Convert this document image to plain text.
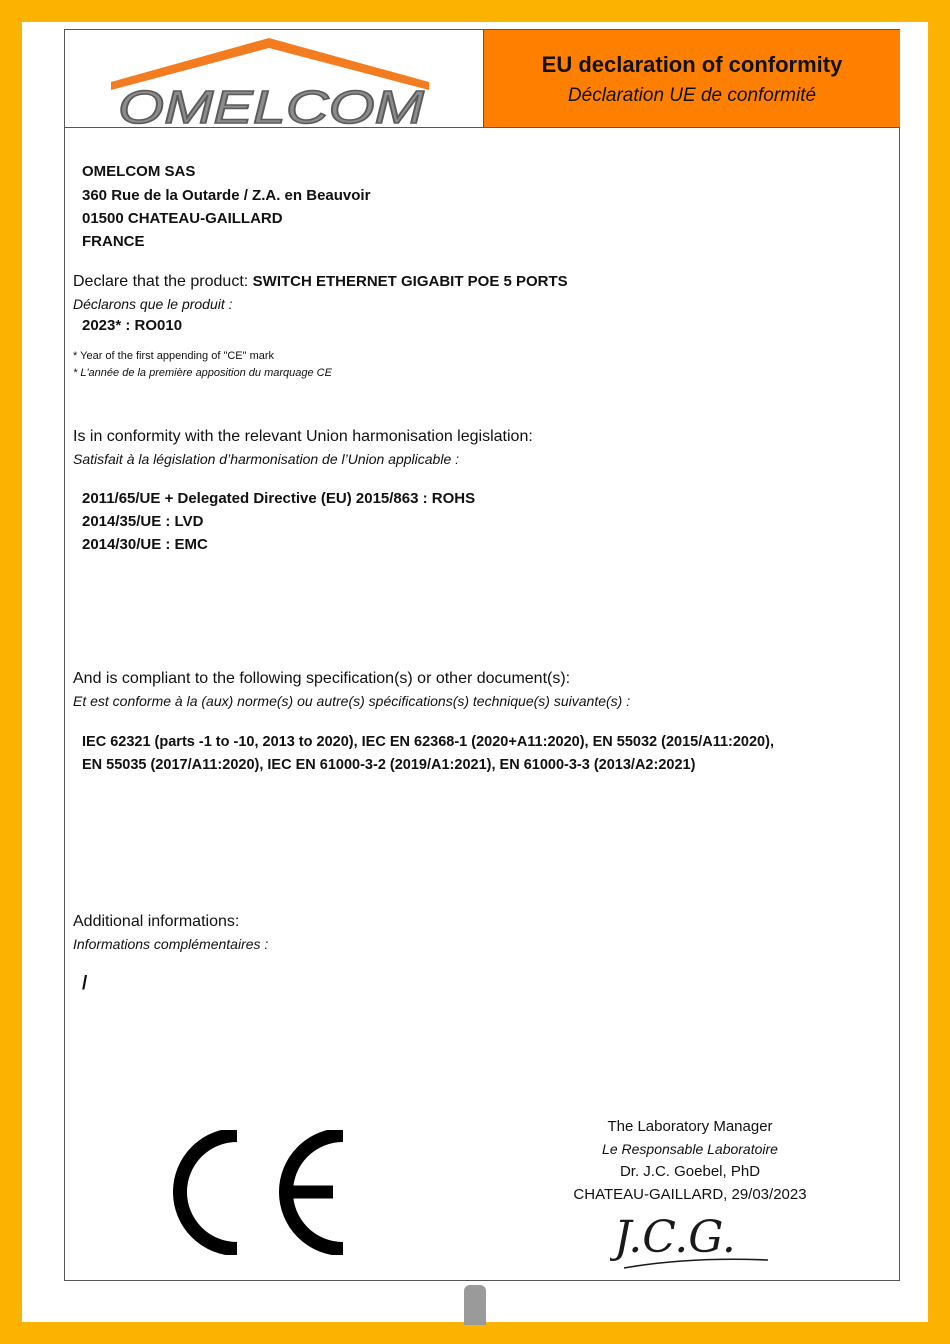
OMELCOM
EU declaration of conformity
Déclaration UE de conformité
OMELCOM SAS
360 Rue de la Outarde / Z.A. en Beauvoir
01500 CHATEAU-GAILLARD
FRANCE
Declare that the product: SWITCH ETHERNET GIGABIT POE 5 PORTS
Déclarons que le produit :
2023* : RO010
* Year of the first appending of "CE" mark
* L'année de la première apposition du marquage CE
Is in conformity with the relevant Union harmonisation legislation:
Satisfait à la législation d’harmonisation de l’Union applicable :
2011/65/UE + Delegated Directive (EU) 2015/863 : ROHS
2014/35/UE : LVD
2014/30/UE : EMC
And is compliant to the following specification(s) or other document(s):
Et est conforme à la (aux) norme(s) ou autre(s) spécifications(s) technique(s) suivante(s) :
IEC 62321 (parts -1 to -10, 2013 to 2020), IEC EN 62368-1 (2020+A11:2020), EN 55032 (2015/A11:2020),
EN 55035 (2017/A11:2020), IEC EN 61000-3-2 (2019/A1:2021), EN 61000-3-3 (2013/A2:2021)
Additional informations:
Informations complémentaires :
/
The Laboratory Manager
Le Responsable Laboratoire
Dr. J.C. Goebel, PhD
CHATEAU-GAILLARD, 29/03/2023
J.C.G.
